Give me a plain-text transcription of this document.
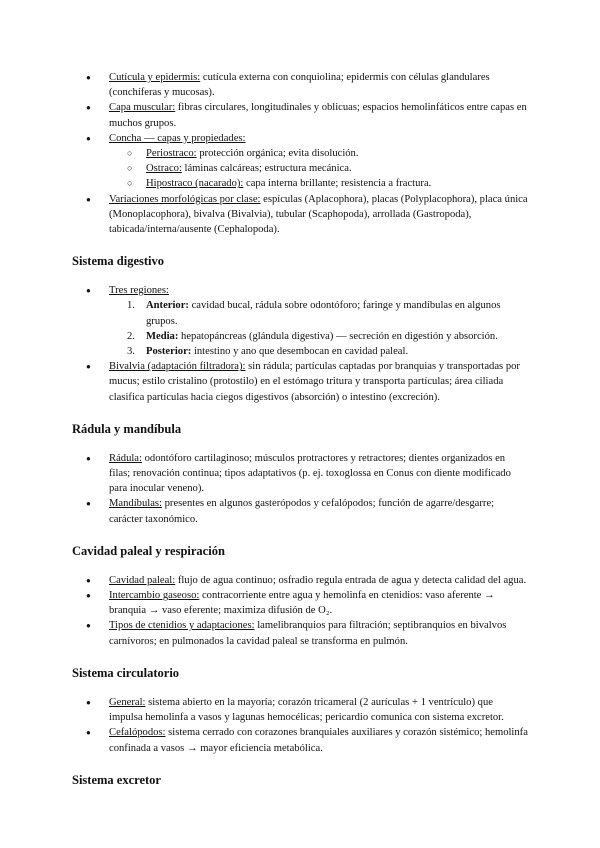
● Cutícula y epidermis: cutícula externa con conquiolina; epidermis con células glandulares (conchíferas y mucosas).
● Capa muscular: fibras circulares, longitudinales y oblicuas; espacios hemolinfáticos entre capas en muchos grupos.
● Concha — capas y propiedades:
○ Periostraco: protección orgánica; evita disolución.
○ Ostraco: láminas calcáreas; estructura mecánica.
○ Hipostraco (nacarado): capa interna brillante; resistencia a fractura.
● Variaciones morfológicas por clase: espículas (Aplacophora), placas (Polyplacophora), placa única (Monoplacophora), bivalva (Bivalvia), tubular (Scaphopoda), arrollada (Gastropoda), tabicada/interna/ausente (Cephalopoda).
Sistema digestivo
● Tres regiones:
1. Anterior: cavidad bucal, rádula sobre odontóforo; faringe y mandíbulas en algunos grupos.
2. Media: hepatopáncreas (glándula digestiva) — secreción en digestión y absorción.
3. Posterior: intestino y ano que desembocan en cavidad paleal.
● Bivalvia (adaptación filtradora): sin rádula; partículas captadas por branquias y transportadas por mucus; estilo cristalino (protostilo) en el estómago tritura y transporta partículas; área ciliada clasifica partículas hacia ciegos digestivos (absorción) o intestino (excreción).
Rádula y mandíbula
● Rádula: odontóforo cartilaginoso; músculos protractores y retractores; dientes organizados en filas; renovación continua; tipos adaptativos (p. ej. toxoglossa en Conus con diente modificado para inocular veneno).
● Mandíbulas: presentes en algunos gasterópodos y cefalópodos; función de agarre/desgarre; carácter taxonómico.
Cavidad paleal y respiración
● Cavidad paleal: flujo de agua continuo; osfradio regula entrada de agua y detecta calidad del agua.
● Intercambio gaseoso: contracorriente entre agua y hemolinfa en ctenidios: vaso aferente → branquia → vaso eferente; maximiza difusión de O₂.
● Tipos de ctenidios y adaptaciones: lamelibranquios para filtración; septibranquios en bivalvos carnívoros; en pulmonados la cavidad paleal se transforma en pulmón.
Sistema circulatorio
● General: sistema abierto en la mayoría; corazón tricameral (2 aurículas + 1 ventrículo) que impulsa hemolinfa a vasos y lagunas hemocélicas; pericardio comunica con sistema excretor.
● Cefalópodos: sistema cerrado con corazones branquiales auxiliares y corazón sistémico; hemolinfa confinada a vasos → mayor eficiencia metabólica.
Sistema excretor
